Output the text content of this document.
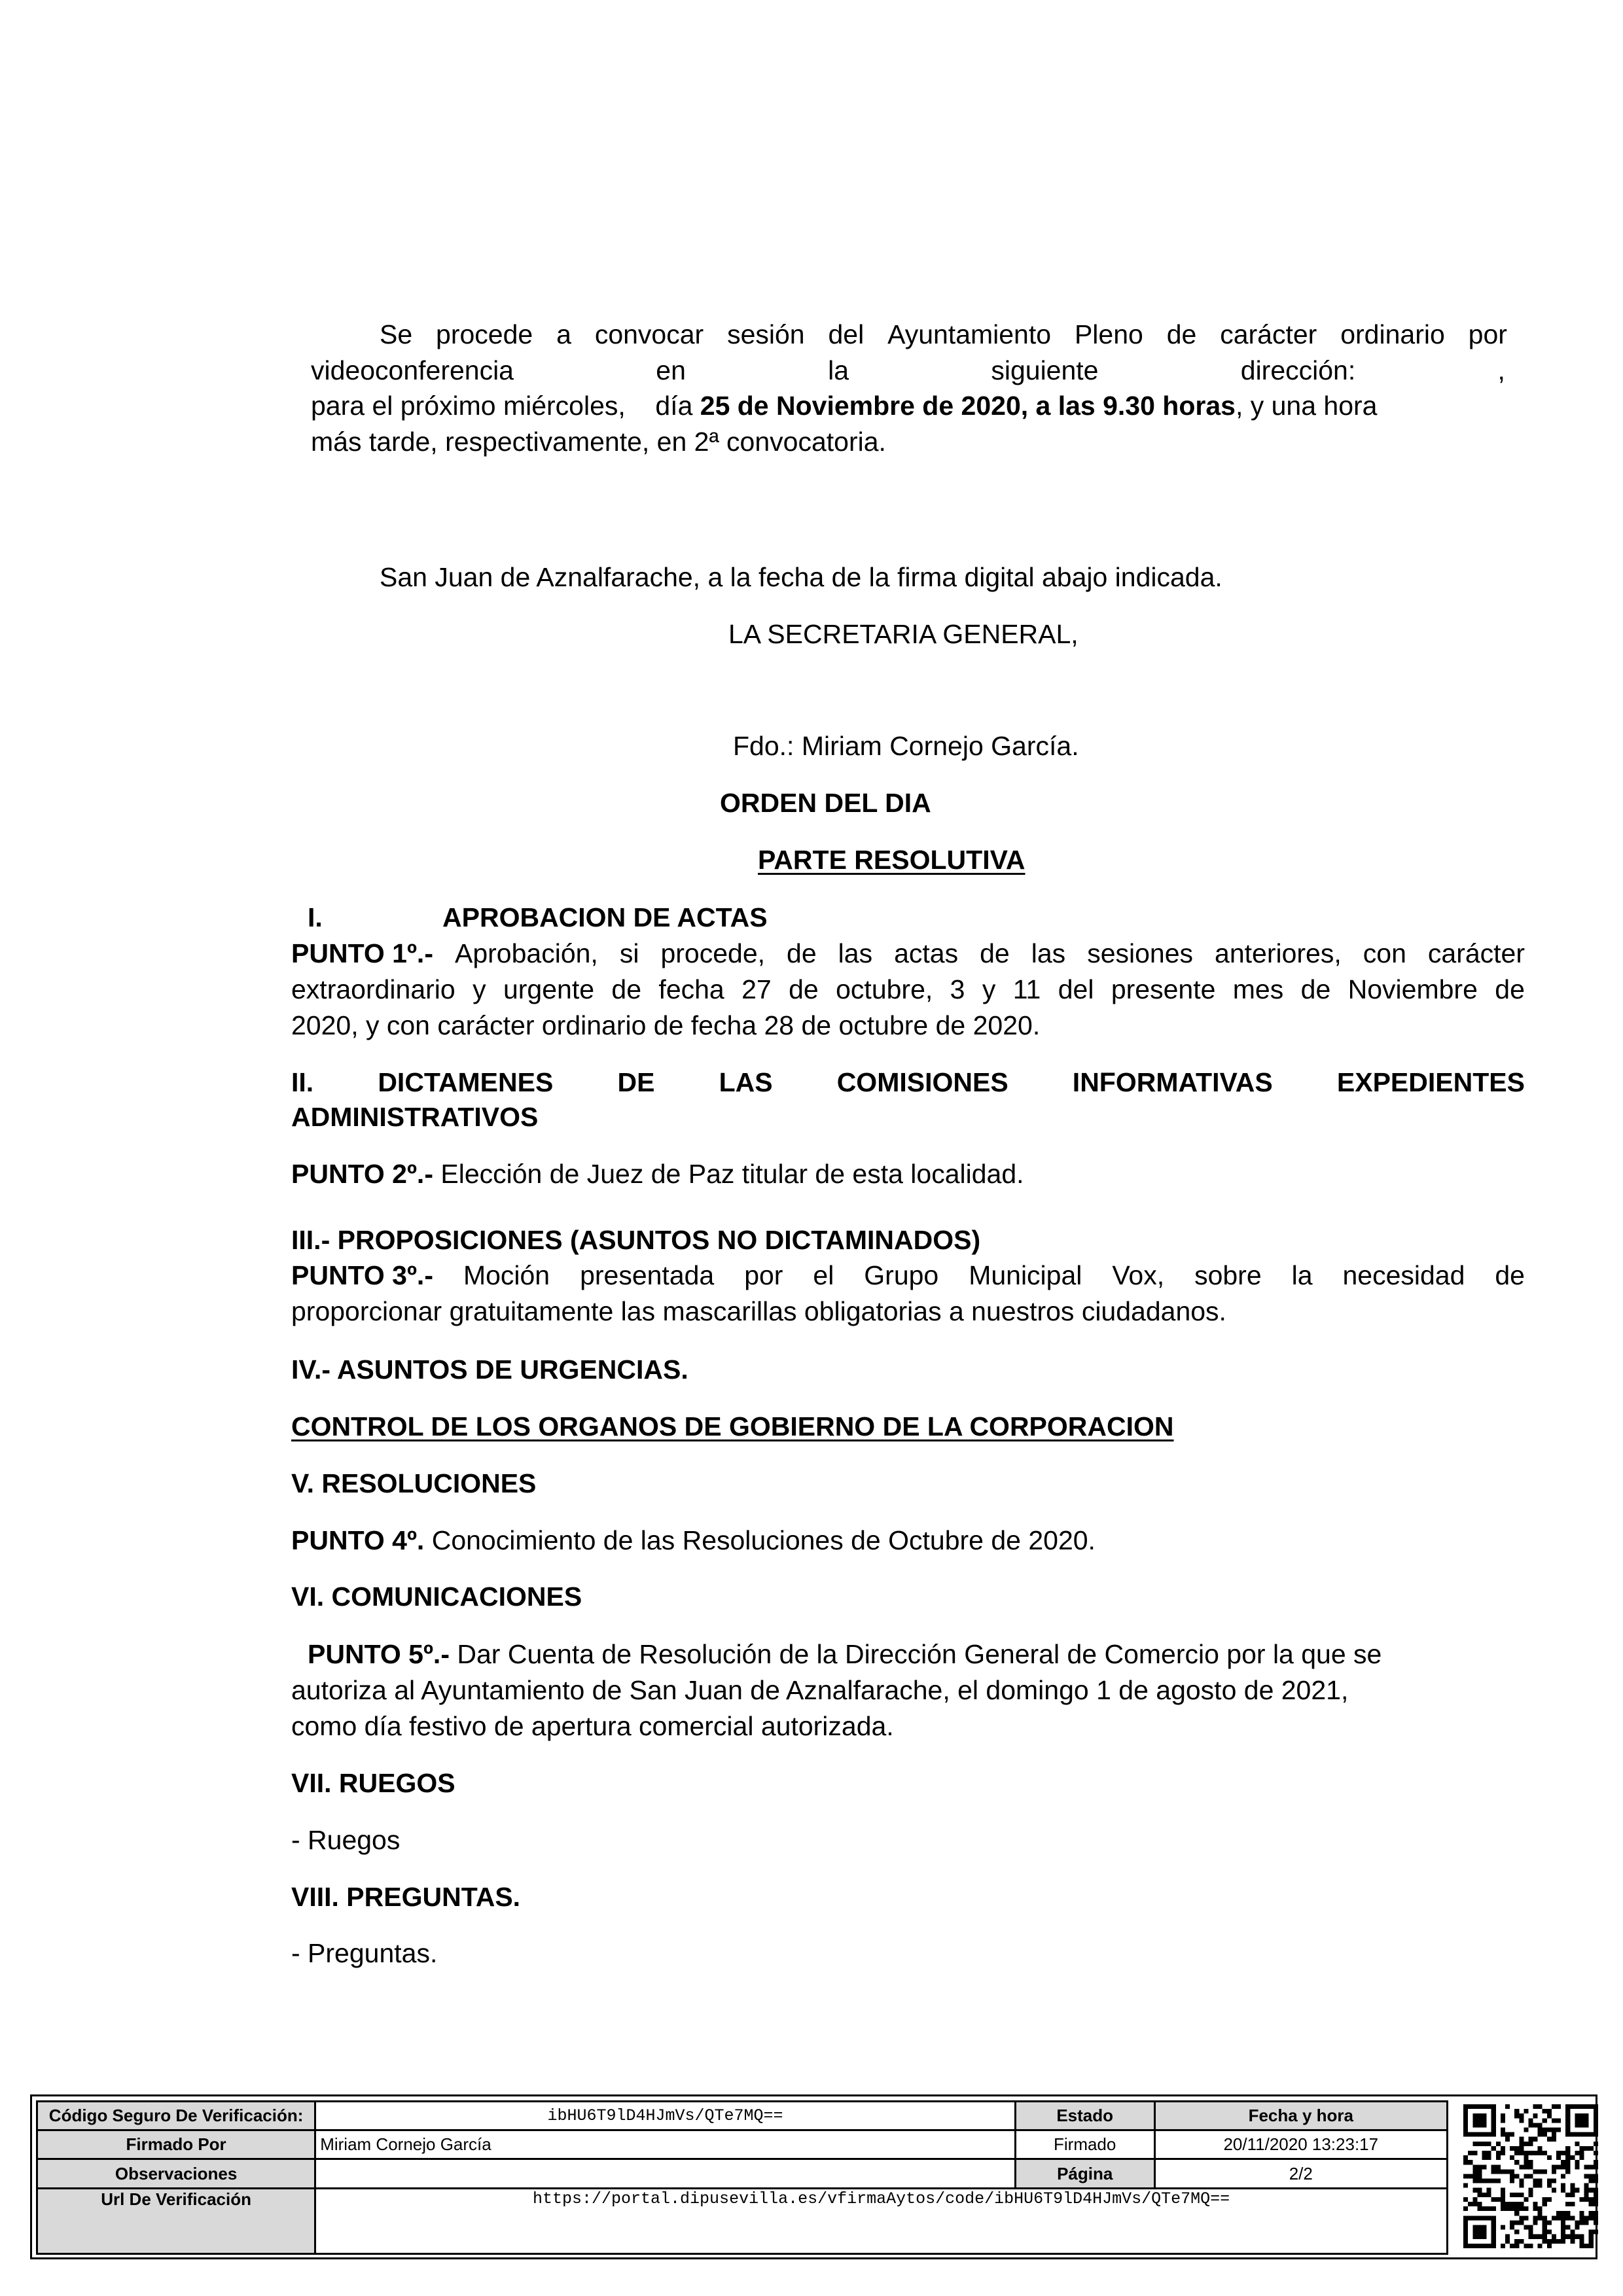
Se procede a convocar sesión del Ayuntamiento Pleno de carácter ordinario por
videoconferencia	en	la	siguiente	dirección:	,
para el próximo miércoles, día 25 de Noviembre de 2020, a las 9.30 horas, y una hora
más tarde, respectivamente, en 2ª convocatoria.
San Juan de Aznalfarache, a la fecha de la firma digital abajo indicada.
LA SECRETARIA GENERAL,
Fdo.: Miriam Cornejo García.
ORDEN DEL DIA
PARTE RESOLUTIVA
I.	APROBACION DE ACTAS
PUNTO 1º.- Aprobación, si procede, de las actas de las sesiones anteriores, con carácter
extraordinario y urgente de fecha 27 de octubre, 3 y 11 del presente mes de Noviembre de
2020, y con carácter ordinario de fecha 28 de octubre de 2020.
II. DICTAMENES DE LAS COMISIONES INFORMATIVAS EXPEDIENTES
ADMINISTRATIVOS
PUNTO 2º.- Elección de Juez de Paz titular de esta localidad.
III.- PROPOSICIONES (ASUNTOS NO DICTAMINADOS)
PUNTO 3º.- Moción presentada por el Grupo Municipal Vox, sobre la necesidad de
proporcionar gratuitamente las mascarillas obligatorias a nuestros ciudadanos.
IV.- ASUNTOS DE URGENCIAS.
CONTROL DE LOS ORGANOS DE GOBIERNO DE LA CORPORACION
V. RESOLUCIONES
PUNTO 4º. Conocimiento de las Resoluciones de Octubre de 2020.
VI. COMUNICACIONES
PUNTO 5º.- Dar Cuenta de Resolución de la Dirección General de Comercio por la que se
autoriza al Ayuntamiento de San Juan de Aznalfarache, el domingo 1 de agosto de 2021,
como día festivo de apertura comercial autorizada.
VII. RUEGOS
- Ruegos
VIII. PREGUNTAS.
- Preguntas.
Código Seguro De Verificación:	ibHU6T9lD4HJmVs/QTe7MQ==	Estado	Fecha y hora
Firmado Por	Miriam Cornejo García	Firmado	20/11/2020 13:23:17
Observaciones		Página	2/2
Url De Verificación	https://portal.dipusevilla.es/vfirmaAytos/code/ibHU6T9lD4HJmVs/QTe7MQ==		
